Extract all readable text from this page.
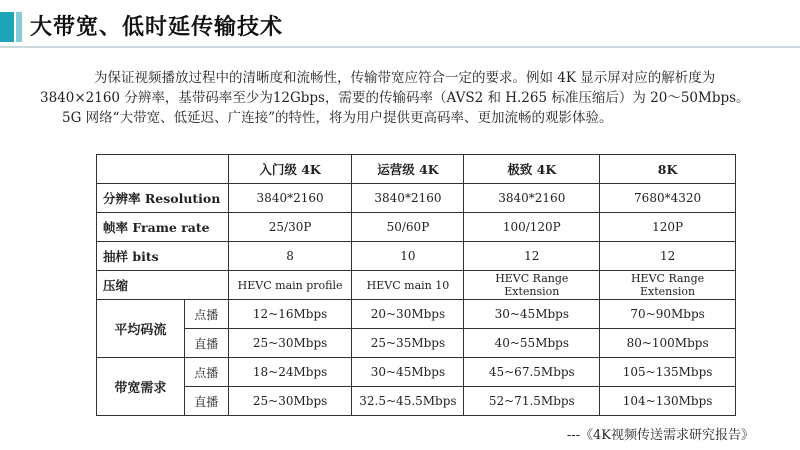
大带宽、低时延传输技术

为保证视频播放过程中的清晰度和流畅性，传输带宽应符合一定的要求。例如 4K 显示屏对应的解析度为 3840×2160 分辨率，基带码率至少为12Gbps，需要的传输码率（AVS2 和 H.265 标准压缩后）为 20～50Mbps。

5G 网络“大带宽、低延迟、广连接”的特性，将为用户提供更高码率、更加流畅的观影体验。

		入门级 4K	运营级 4K	极致 4K	8K
分辨率 Resolution		3840*2160	3840*2160	3840*2160	7680*4320
帧率 Frame rate		25/30P	50/60P	100/120P	120P
抽样 bits		8	10	12	12
压缩		HEVC main profile	HEVC main 10	HEVC Range Extension	HEVC Range Extension
平均码流	点播	12~16Mbps	20~30Mbps	30~45Mbps	70~90Mbps
	直播	25~30Mbps	25~35Mbps	40~55Mbps	80~100Mbps
带宽需求	点播	18~24Mbps	30~45Mbps	45~67.5Mbps	105~135Mbps
	直播	25~30Mbps	32.5~45.5Mbps	52~71.5Mbps	104~130Mbps
---《4K视频传送需求研究报告》
